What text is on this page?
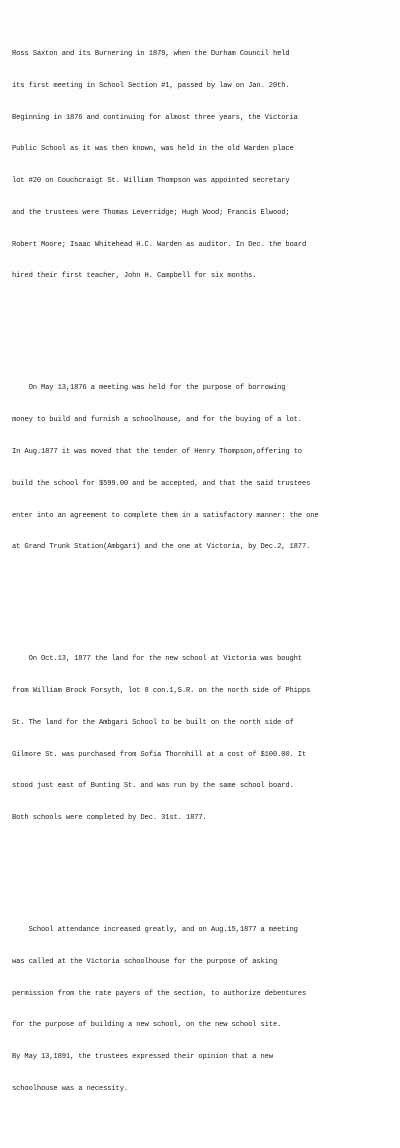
Ross Saxton and its Burnering in 1879, when the Durham Council held

its first meeting in School Section #1, passed by law on Jan. 20th.

Beginning in 1876 and continuing for almost three years, the Victoria

Public School as it was then known, was held in the old Warden place

lot #20 on Couchcraigt St. William Thompson was appointed secretary

and the trustees were Thomas Leverridge; Hugh Wood; Francis Elwood;

Robert Moore; Isaac Whitehead H.C. Warden as auditor. In Dec. the board

hired their first teacher, John H. Campbell for six months.

On May 13,1876 a meeting was held for the purpose of borrowing

money to build and furnish a schoolhouse, and for the buying of a lot.

In Aug.1877 it was moved that the tender of Henry Thompson,offering to

build the school for $599.00 and be accepted, and that the said trustees

enter into an agreement to complete them in a satisfactory manner: the one

at Grand Trunk Station(Ambgari) and the one at Victoria, by Dec.2, 1877.

On Oct.13, 1877 the land for the new school at Victoria was bought

from William Brock Forsyth, lot 8 con.1,S.R. on the north side of Phipps

St. The land for the Ambgari School to be built on the north side of

Gilmore St. was purchased from Sofia Thornhill at a cost of $100.00. It

stood just east of Bunting St. and was run by the same school board.

Both schools were completed by Dec. 31st. 1877.

School attendance increased greatly, and on Aug.15,1877 a meeting

was called at the Victoria schoolhouse for the purpose of asking

permission from the rate payers of the section, to authorize debentures

for the purpose of building a new school, on the new school site.

By May 13,1891, the trustees expressed their opinion that a new

schoolhouse was a necessity.
